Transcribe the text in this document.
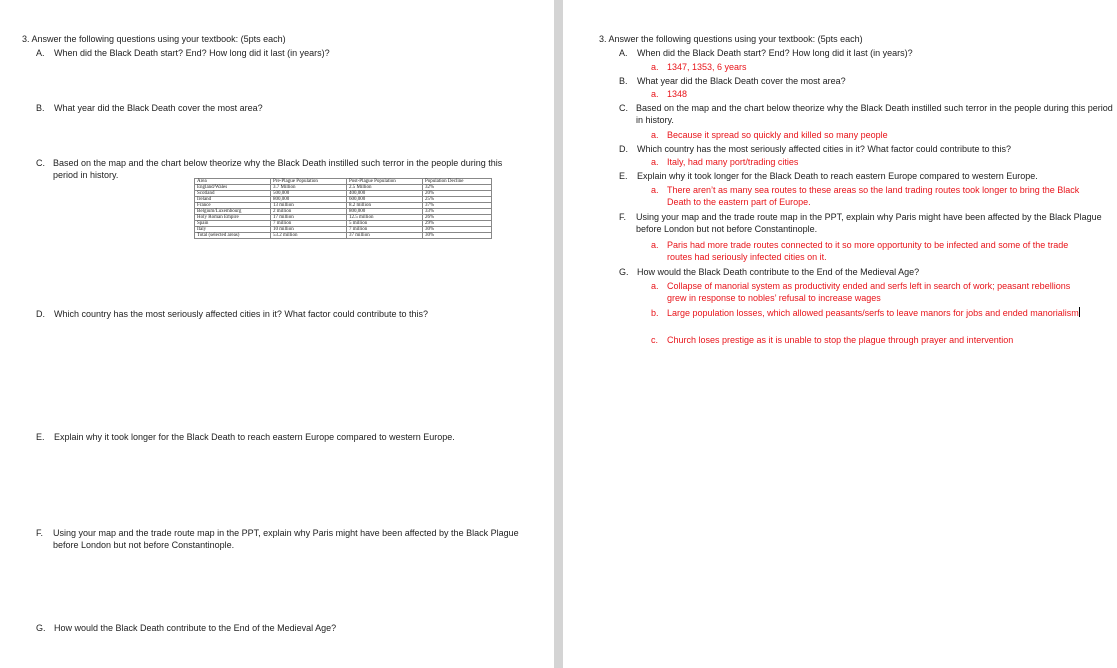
3. Answer the following questions using your textbook: (5pts each)
A. When did the Black Death start? End? How long did it last (in years)?
B. What year did the Black Death cover the most area?
C. Based on the map and the chart below theorize why the Black Death instilled such terror in the people during this period in history.
Area	Pre-Plague Population	Post-Plague Population	Population Decline
England/Wales	3.7 Million	2.5 Million	32%
Scotland	500,000	400,000	20%
Ireland	800,000	600,000	25%
France	13 million	8.2 million	37%
Belgium/Luxembourg	2 million	800,000	33%
Holy Roman Empire	17 million	12.5 million	26%
Spain	7 million	5 million	29%
Italy	10 million	7 million	30%
Total (selected areas)	53.2 million	37 million	30%
D. Which country has the most seriously affected cities in it? What factor could contribute to this?
E. Explain why it took longer for the Black Death to reach eastern Europe compared to western Europe.
F. Using your map and the trade route map in the PPT, explain why Paris might have been affected by the Black Plague before London but not before Constantinople.
G. How would the Black Death contribute to the End of the Medieval Age?
3. Answer the following questions using your textbook: (5pts each)
A. When did the Black Death start? End? How long did it last (in years)?
a. 1347, 1353, 6 years
B. What year did the Black Death cover the most area?
a. 1348
C. Based on the map and the chart below theorize why the Black Death instilled such terror in the people during this period in history.
a. Because it spread so quickly and killed so many people
D. Which country has the most seriously affected cities in it? What factor could contribute to this?
a. Italy, had many port/trading cities
E. Explain why it took longer for the Black Death to reach eastern Europe compared to western Europe.
a. There aren’t as many sea routes to these areas so the land trading routes took longer to bring the Black Death to the eastern part of Europe.
F. Using your map and the trade route map in the PPT, explain why Paris might have been affected by the Black Plague before London but not before Constantinople.
a. Paris had more trade routes connected to it so more opportunity to be infected and some of the trade routes had seriously infected cities on it.
G. How would the Black Death contribute to the End of the Medieval Age?
a. Collapse of manorial system as productivity ended and serfs left in search of work; peasant rebellions grew in response to nobles’ refusal to increase wages
b. Large population losses, which allowed peasants/serfs to leave manors for jobs and ended manorialism
c. Church loses prestige as it is unable to stop the plague through prayer and intervention
